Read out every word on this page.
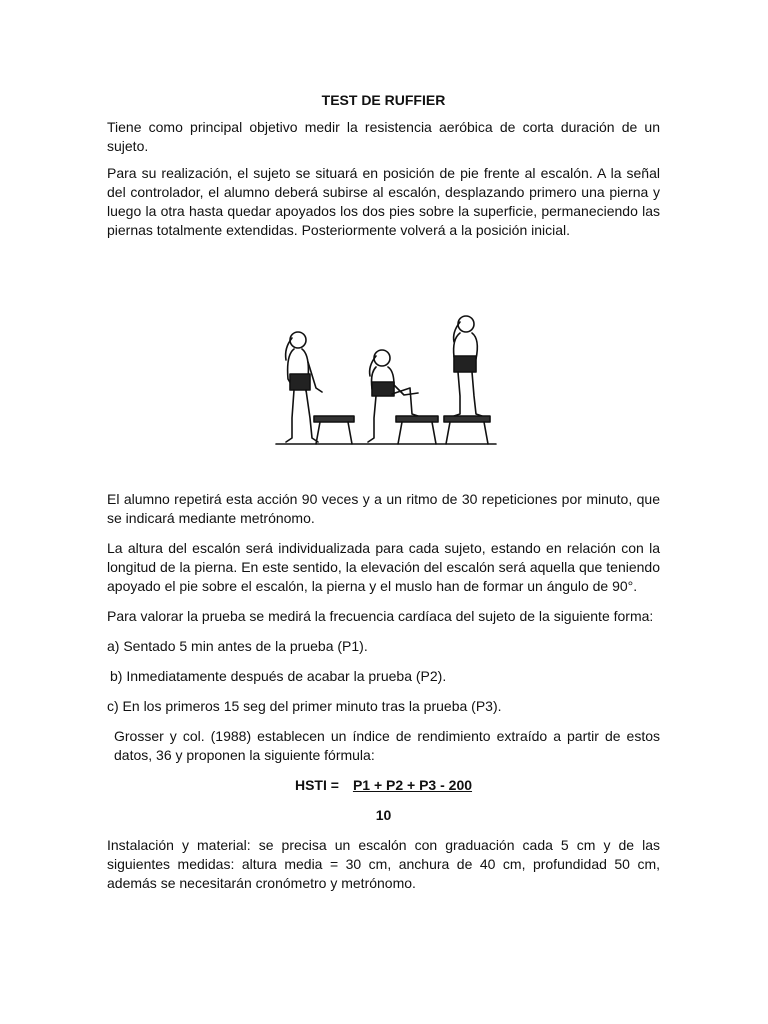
TEST DE RUFFIER

Tiene como principal objetivo medir la resistencia aeróbica de corta duración de un sujeto.

Para su realización, el sujeto se situará en posición de pie frente al escalón. A la señal del controlador, el alumno deberá subirse al escalón, desplazando primero una pierna y luego la otra hasta quedar apoyados los dos pies sobre la superficie, permaneciendo las piernas totalmente extendidas. Posteriormente volverá a la posición inicial.

El alumno repetirá esta acción 90 veces y a un ritmo de 30 repeticiones por minuto, que se indicará mediante metrónomo.

La altura del escalón será individualizada para cada sujeto, estando en relación con la longitud de la pierna. En este sentido, la elevación del escalón será aquella que teniendo apoyado el pie sobre el escalón, la pierna y el muslo han de formar un ángulo de 90°.

Para valorar la prueba se medirá la frecuencia cardíaca del sujeto de la siguiente forma:

a) Sentado 5 min antes de la prueba (P1).

b) Inmediatamente después de acabar la prueba (P2).

c) En los primeros 15 seg del primer minuto tras la prueba (P3).

Grosser y col. (1988) establecen un índice de rendimiento extraído a partir de estos datos, 36 y proponen la siguiente fórmula:

HSTI = P1 + P2 + P3 - 200
10

Instalación y material: se precisa un escalón con graduación cada 5 cm y de las siguientes medidas: altura media = 30 cm, anchura de 40 cm, profundidad 50 cm, además se necesitarán cronómetro y metrónomo.
